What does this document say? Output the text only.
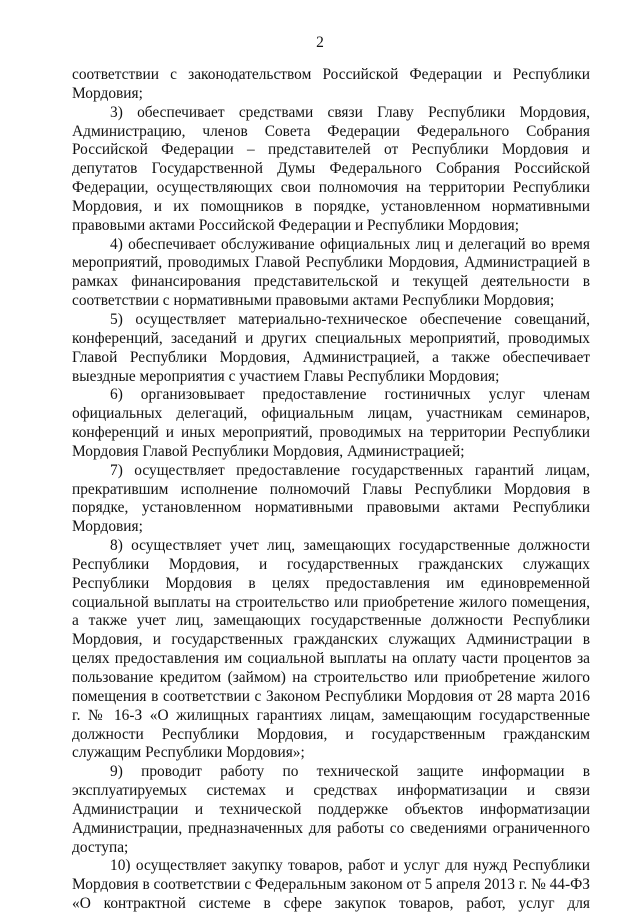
2

соответствии с законодательством Российской Федерации и Республики Мордовия;

3) обеспечивает средствами связи Главу Республики Мордовия, Администрацию, членов Совета Федерации Федерального Собрания Российской Федерации – представителей от Республики Мордовия и депутатов Государственной Думы Федерального Собрания Российской Федерации, осуществляющих свои полномочия на территории Республики Мордовия, и их помощников в порядке, установленном нормативными правовыми актами Российской Федерации и Республики Мордовия;

4) обеспечивает обслуживание официальных лиц и делегаций во время мероприятий, проводимых Главой Республики Мордовия, Администрацией в рамках финансирования представительской и текущей деятельности в соответствии с нормативными правовыми актами Республики Мордовия;

5) осуществляет материально-техническое обеспечение совещаний, конференций, заседаний и других специальных мероприятий, проводимых Главой Республики Мордовия, Администрацией, а также обеспечивает выездные мероприятия с участием Главы Республики Мордовия;

6) организовывает предоставление гостиничных услуг членам официальных делегаций, официальным лицам, участникам семинаров, конференций и иных мероприятий, проводимых на территории Республики Мордовия Главой Республики Мордовия, Администрацией;

7) осуществляет предоставление государственных гарантий лицам, прекратившим исполнение полномочий Главы Республики Мордовия в порядке, установленном нормативными правовыми актами Республики Мордовия;

8) осуществляет учет лиц, замещающих государственные должности Республики Мордовия, и государственных гражданских служащих Республики Мордовия в целях предоставления им единовременной социальной выплаты на строительство или приобретение жилого помещения, а также учет лиц, замещающих государственные должности Республики Мордовия, и государственных гражданских служащих Администрации в целях предоставления им социальной выплаты на оплату части процентов за пользование кредитом (займом) на строительство или приобретение жилого помещения в соответствии с Законом Республики Мордовия от 28 марта 2016 г. № 16-З «О жилищных гарантиях лицам, замещающим государственные должности Республики Мордовия, и государственным гражданским служащим Республики Мордовия»;

9) проводит работу по технической защите информации в эксплуатируемых системах и средствах информатизации и связи Администрации и технической поддержке объектов информатизации Администрации, предназначенных для работы со сведениями ограниченного доступа;

10) осуществляет закупку товаров, работ и услуг для нужд Республики Мордовия в соответствии с Федеральным законом от 5 апреля 2013 г. № 44-ФЗ «О контрактной системе в сфере закупок товаров, работ, услуг для
